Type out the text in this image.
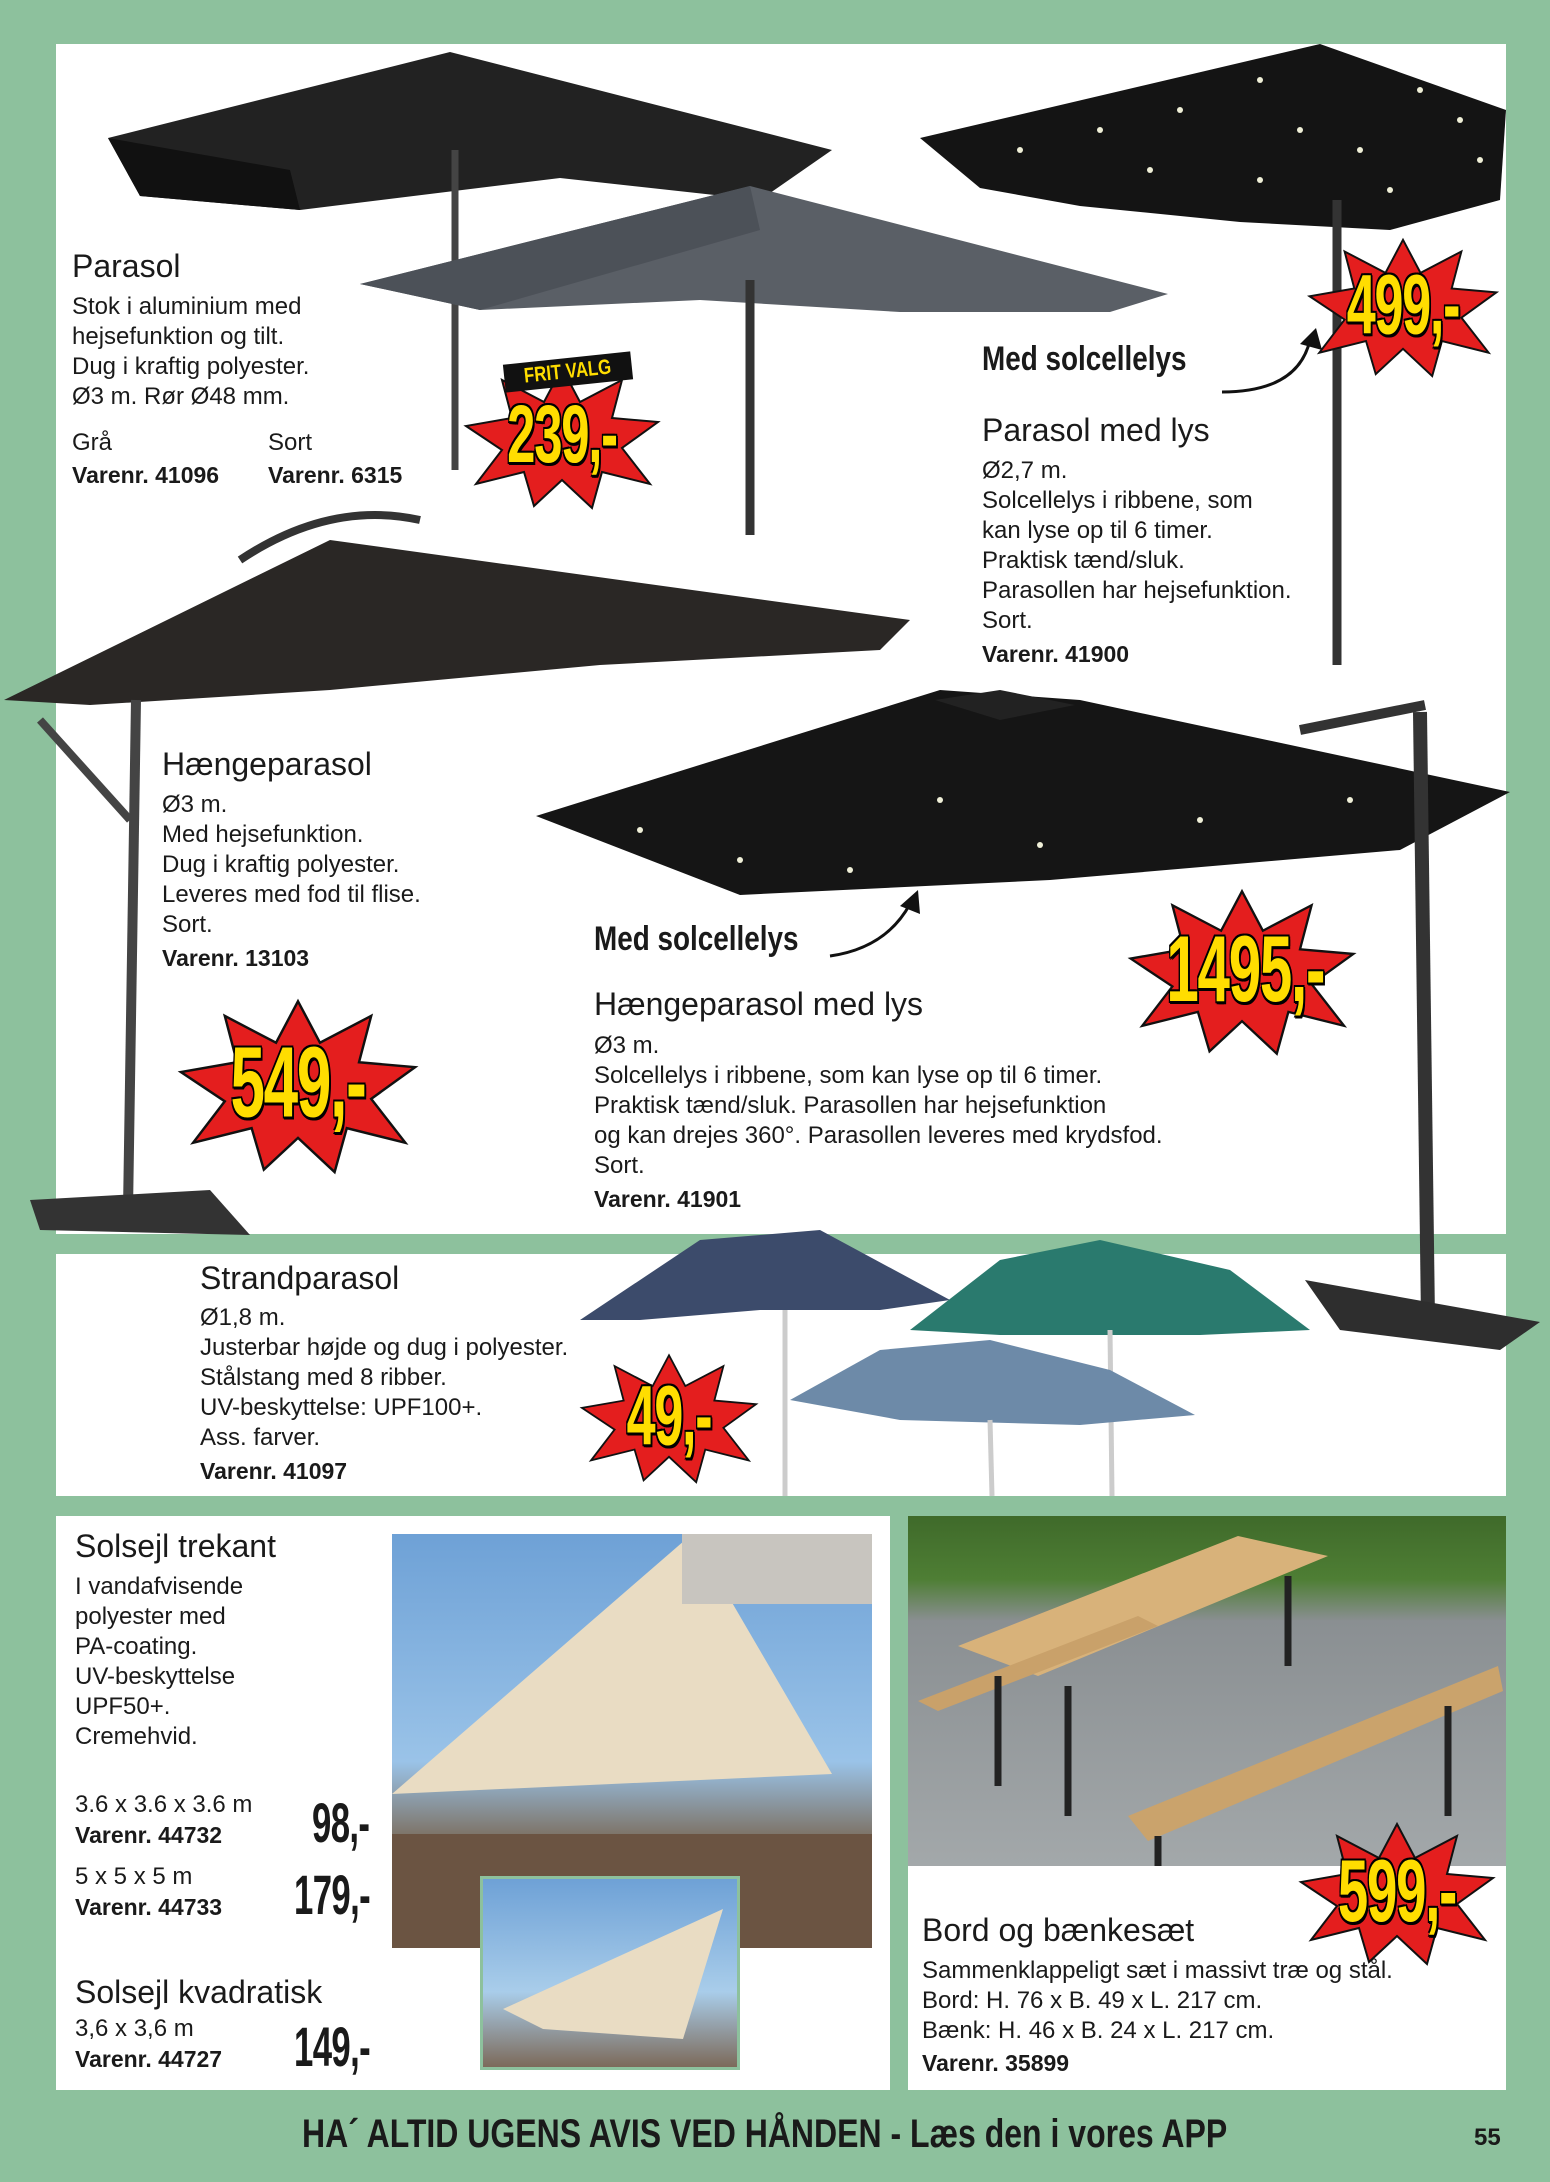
Parasol
Stok i aluminium med
hejsefunktion og tilt.
Dug i kraftig polyester.
Ø3 m. Rør Ø48 mm.
Grå
Varenr. 41096
Sort
Varenr. 6315 239,-
FRIT VALG	Med solcellelys
Parasol med lys
Ø2,7 m.
Solcellelys i ribbene, som
kan lyse op til 6 timer.
Praktisk tænd/sluk.
Parasollen har hejsefunktion.
Sort.
Varenr. 41900
499,-
Hængeparasol
Ø3 m.
Med hejsefunktion.
Dug i kraftig polyester.
Leveres med fod til flise.
Sort.
Varenr. 13103
549,-
Med solcellelys
Hængeparasol med lys
Ø3 m.
Solcellelys i ribbene, som kan lyse op til 6 timer.
Praktisk tænd/sluk. Parasollen har hejsefunktion
og kan drejes 360°. Parasollen leveres med krydsfod.
Sort.
Varenr. 41901
1495,-
Strandparasol
Ø1,8 m.
Justerbar højde og dug i polyester.
Stålstang med 8 ribber.
UV-beskyttelse: UPF100+.
Ass. farver.
Varenr. 41097
49,-
Solsejl trekant
I vandafvisende
polyester med
PA-coating.
UV-beskyttelse
UPF50+.
Cremehvid.
3.6 x 3.6 x 3.6 m
Varenr. 44732 98,-
5 x 5 x 5 m
Varenr. 44733 179,-
Solsejl kvadratisk
3,6 x 3,6 m
Varenr. 44727 149,-
Bord og bænkesæt
Sammenklappeligt sæt i massivt træ og stål.
Bord: H. 76 x B. 49 x L. 217 cm.
Bænk: H. 46 x B. 24 x L. 217 cm.
Varenr. 35899
599,-
HA´ ALTID UGENS AVIS VED HÅNDEN - Læs den i vores APP	55
